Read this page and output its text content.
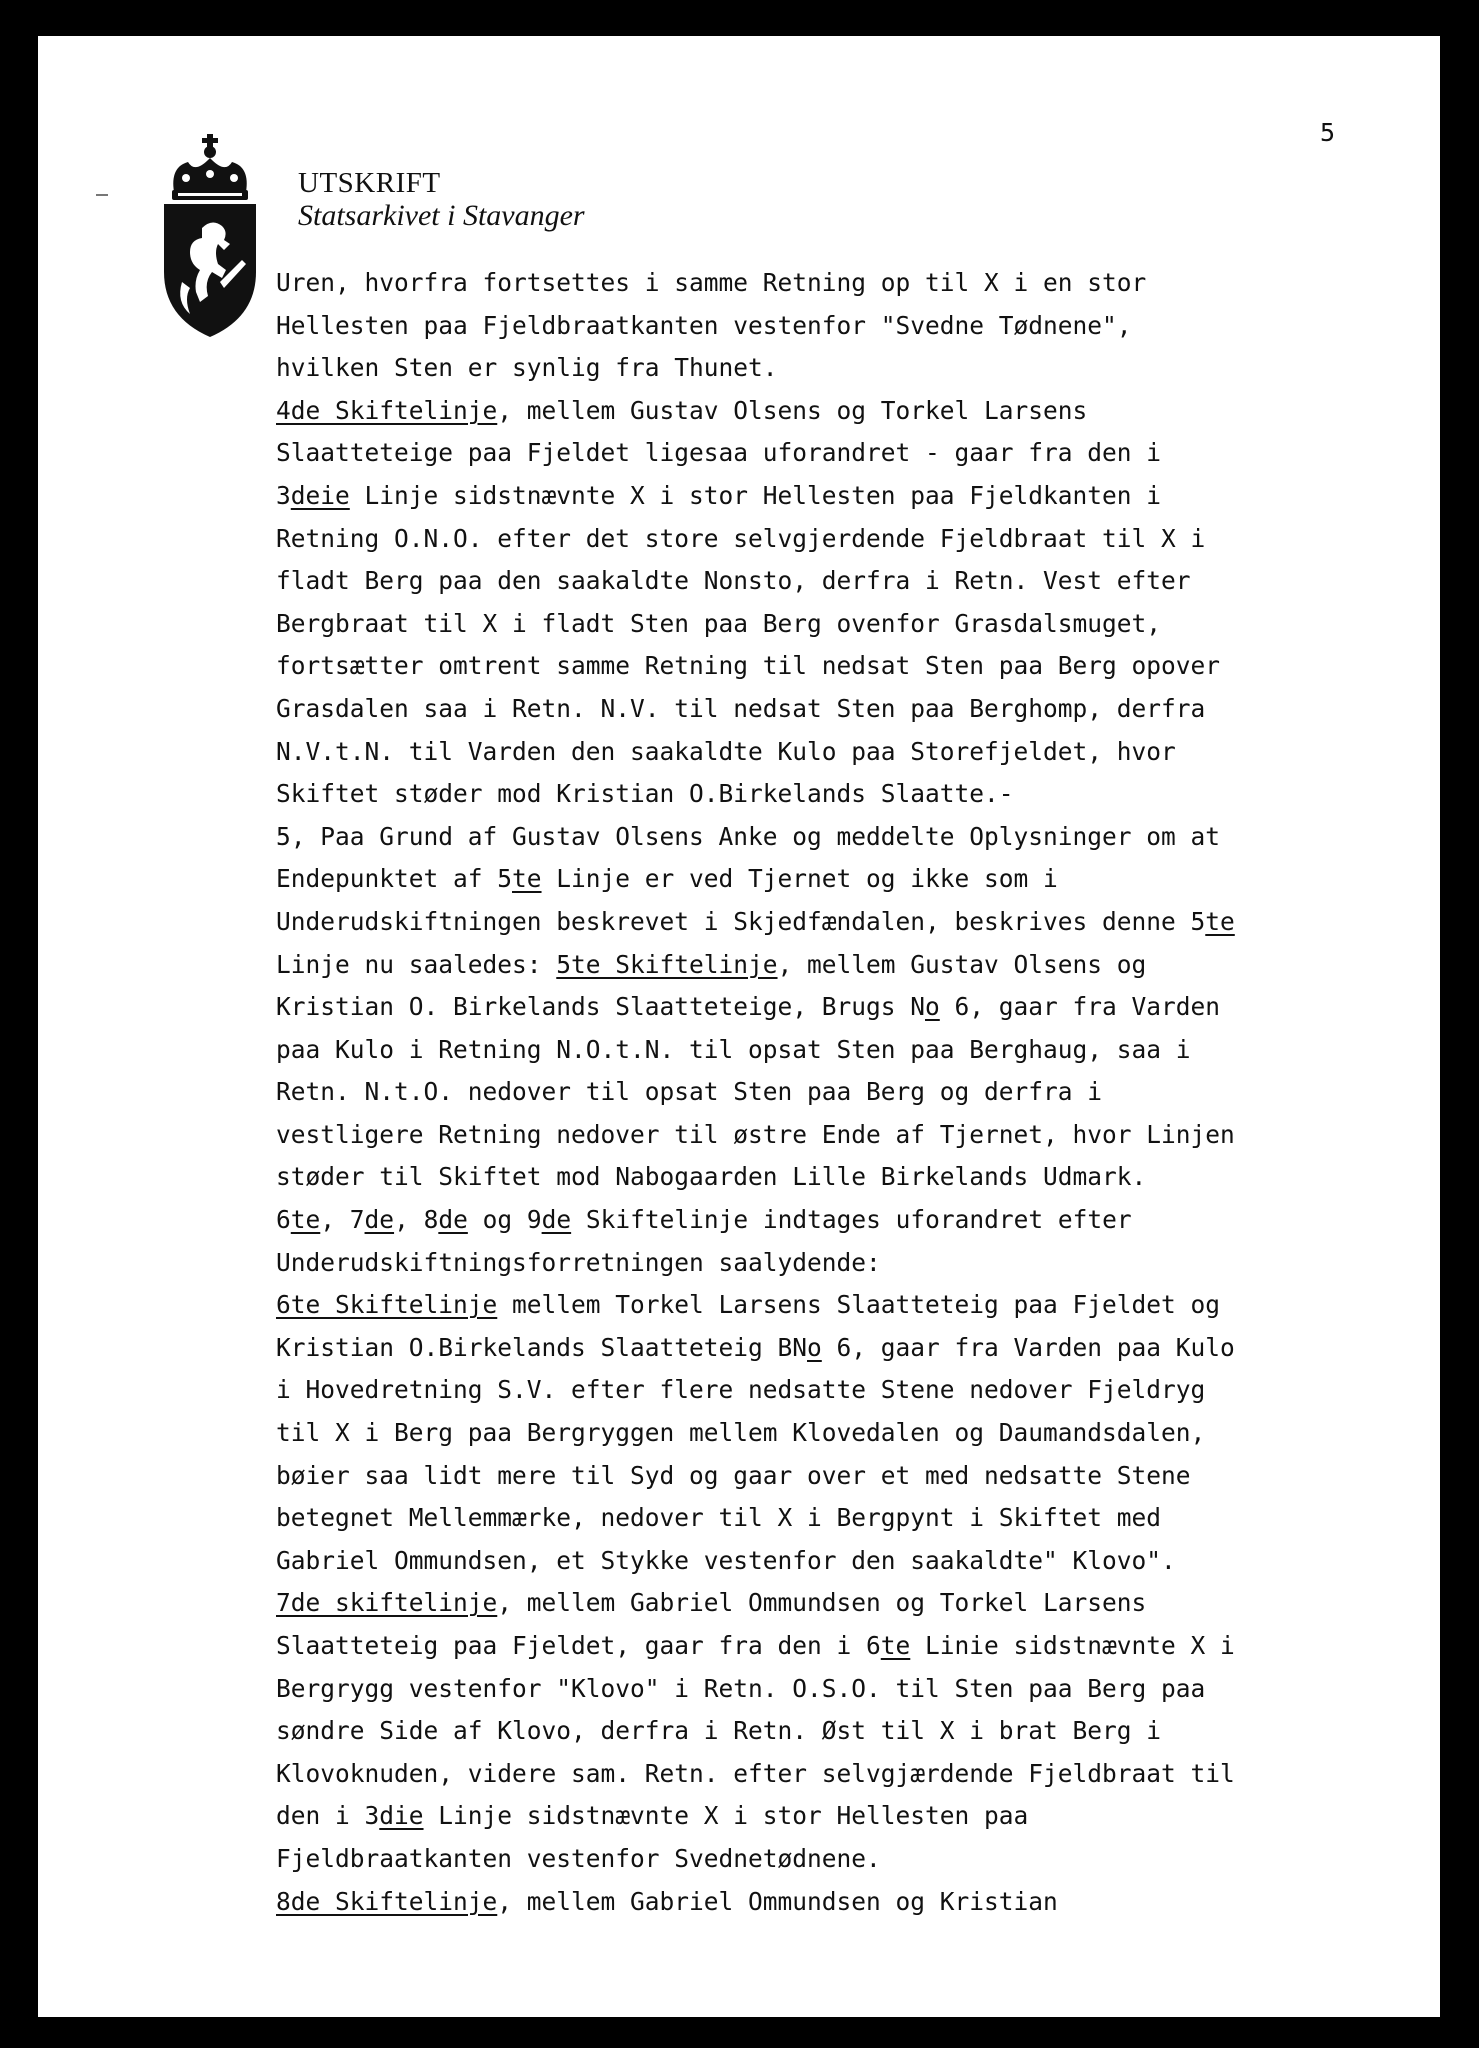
5
UTSKRIFT
Statsarkivet i Stavanger
Uren, hvorfra fortsettes i samme Retning op til X i en stor
Hellesten paa Fjeldbraatkanten vestenfor "Svedne Tødnene",
hvilken Sten er synlig fra Thunet.
4de Skiftelinje, mellem Gustav Olsens og Torkel Larsens
Slaatteteige paa Fjeldet ligesaa uforandret - gaar fra den i
3deie Linje sidstnævnte X i stor Hellesten paa Fjeldkanten i
Retning O.N.O. efter det store selvgjerdende Fjeldbraat til X i
fladt Berg paa den saakaldte Nonsto, derfra i Retn. Vest efter
Bergbraat til X i fladt Sten paa Berg ovenfor Grasdalsmuget,
fortsætter omtrent samme Retning til nedsat Sten paa Berg opover
Grasdalen saa i Retn. N.V. til nedsat Sten paa Berghomp, derfra
N.V.t.N. til Varden den saakaldte Kulo paa Storefjeldet, hvor
Skiftet støder mod Kristian O.Birkelands Slaatte.-
5, Paa Grund af Gustav Olsens Anke og meddelte Oplysninger om at
Endepunktet af 5te Linje er ved Tjernet og ikke som i
Underudskiftningen beskrevet i Skjedfændalen, beskrives denne 5te
Linje nu saaledes: 5te Skiftelinje, mellem Gustav Olsens og
Kristian O. Birkelands Slaatteteige, Brugs No 6, gaar fra Varden
paa Kulo i Retning N.O.t.N. til opsat Sten paa Berghaug, saa i
Retn. N.t.O. nedover til opsat Sten paa Berg og derfra i
vestligere Retning nedover til østre Ende af Tjernet, hvor Linjen
støder til Skiftet mod Nabogaarden Lille Birkelands Udmark.
6te, 7de, 8de og 9de Skiftelinje indtages uforandret efter
Underudskiftningsforretningen saalydende:
6te Skiftelinje mellem Torkel Larsens Slaatteteig paa Fjeldet og
Kristian O.Birkelands Slaatteteig BNo 6, gaar fra Varden paa Kulo
i Hovedretning S.V. efter flere nedsatte Stene nedover Fjeldryg
til X i Berg paa Bergryggen mellem Klovedalen og Daumandsdalen,
bøier saa lidt mere til Syd og gaar over et med nedsatte Stene
betegnet Mellemmærke, nedover til X i Bergpynt i Skiftet med
Gabriel Ommundsen, et Stykke vestenfor den saakaldte" Klovo".
7de skiftelinje, mellem Gabriel Ommundsen og Torkel Larsens
Slaatteteig paa Fjeldet, gaar fra den i 6te Linie sidstnævnte X i
Bergrygg vestenfor "Klovo" i Retn. O.S.O. til Sten paa Berg paa
søndre Side af Klovo, derfra i Retn. Øst til X i brat Berg i
Klovoknuden, videre sam. Retn. efter selvgjærdende Fjeldbraat til
den i 3die Linje sidstnævnte X i stor Hellesten paa
Fjeldbraatkanten vestenfor Svednetødnene.
8de Skiftelinje, mellem Gabriel Ommundsen og Kristian
